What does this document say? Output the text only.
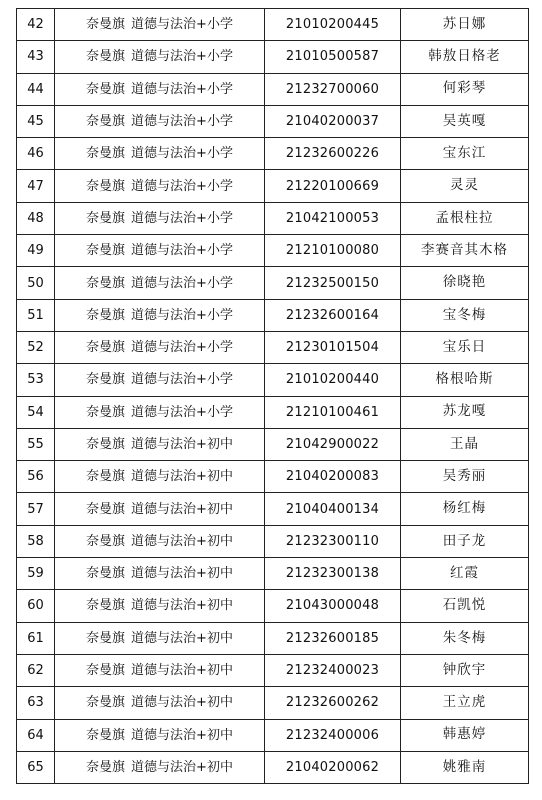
42	奈曼旗 道德与法治+小学	21010200445	苏日娜
43	奈曼旗 道德与法治+小学	21010500587	韩敖日格老
44	奈曼旗 道德与法治+小学	21232700060	何彩琴
45	奈曼旗 道德与法治+小学	21040200037	吴英嘎
46	奈曼旗 道德与法治+小学	21232600226	宝东江
47	奈曼旗 道德与法治+小学	21220100669	灵灵
48	奈曼旗 道德与法治+小学	21042100053	孟根柱拉
49	奈曼旗 道德与法治+小学	21210100080	李赛音其木格
50	奈曼旗 道德与法治+小学	21232500150	徐晓艳
51	奈曼旗 道德与法治+小学	21232600164	宝冬梅
52	奈曼旗 道德与法治+小学	21230101504	宝乐日
53	奈曼旗 道德与法治+小学	21010200440	格根哈斯
54	奈曼旗 道德与法治+小学	21210100461	苏龙嘎
55	奈曼旗 道德与法治+初中	21042900022	王晶
56	奈曼旗 道德与法治+初中	21040200083	吴秀丽
57	奈曼旗 道德与法治+初中	21040400134	杨红梅
58	奈曼旗 道德与法治+初中	21232300110	田子龙
59	奈曼旗 道德与法治+初中	21232300138	红霞
60	奈曼旗 道德与法治+初中	21043000048	石凯悦
61	奈曼旗 道德与法治+初中	21232600185	朱冬梅
62	奈曼旗 道德与法治+初中	21232400023	钟欣宇
63	奈曼旗 道德与法治+初中	21232600262	王立虎
64	奈曼旗 道德与法治+初中	21232400006	韩惠婷
65	奈曼旗 道德与法治+初中	21040200062	姚雅南
